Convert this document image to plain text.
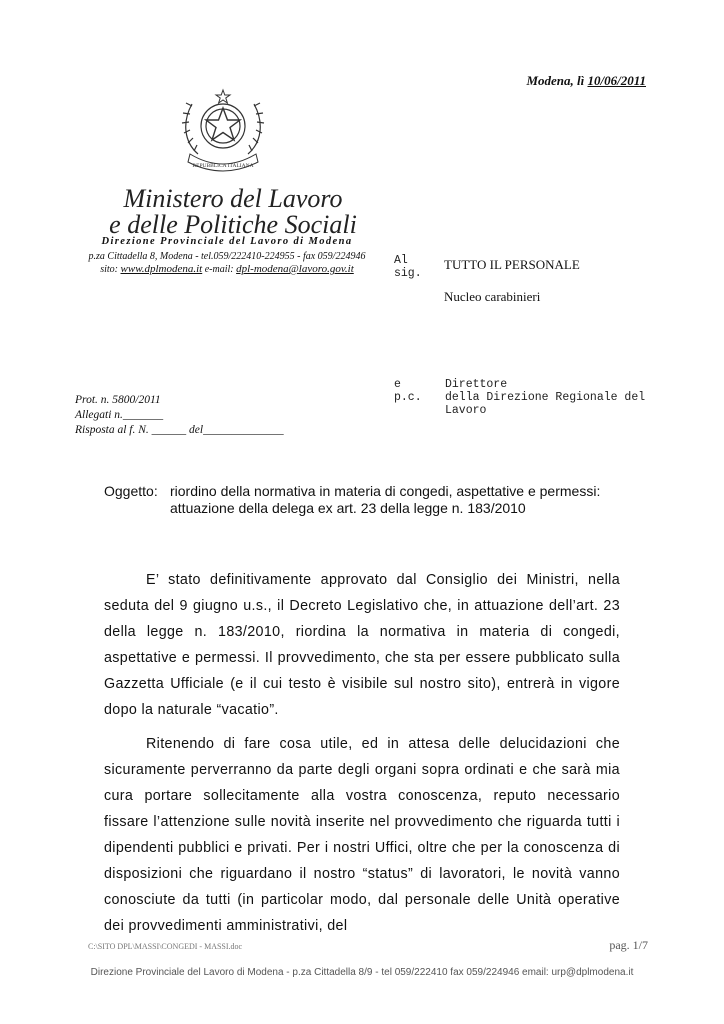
Modena, lì 10/06/2011
REPUBBLICA ITALIANA
Ministero del Lavoro
e delle Politiche Sociali
Direzione Provinciale del Lavoro di Modena
p.za Cittadella 8, Modena - tel.059/222410-224955 - fax 059/224946
sito: www.dplmodena.it e-mail: dpl-modena@lavoro.gov.it
Prot. n. 5800/2011
Allegati n._______
Risposta al f. N. ______ del______________
Al
sig.
TUTTO IL PERSONALE
Nucleo carabinieri
e
p.c.
Direttore
della Direzione Regionale del
Lavoro
Oggetto: riordino della normativa in materia di congedi, aspettative e permessi: attuazione della delega ex art. 23 della legge n. 183/2010

E’ stato definitivamente approvato dal Consiglio dei Ministri, nella seduta del 9 giugno u.s., il Decreto Legislativo che, in attuazione dell’art. 23 della legge n. 183/2010, riordina la normativa in materia di congedi, aspettative e permessi. Il provvedimento, che sta per essere pubblicato sulla Gazzetta Ufficiale (e il cui testo è visibile sul nostro sito), entrerà in vigore dopo la naturale “vacatio”.

Ritenendo di fare cosa utile, ed in attesa delle delucidazioni che sicuramente perverranno da parte degli organi sopra ordinati e che sarà mia cura portare sollecitamente alla vostra conoscenza, reputo necessario fissare l’attenzione sulle novità inserite nel provvedimento che riguarda tutti i dipendenti pubblici e privati. Per i nostri Uffici, oltre che per la conoscenza di disposizioni che riguardano il nostro “status” di lavoratori, le novità vanno conosciute da tutti (in particolar modo, dal personale delle Unità operative dei provvedimenti amministrativi, del

C:\SITO DPL\MASSI\CONGEDI - MASSI.doc	pag. 1/7
Direzione Provinciale del Lavoro di Modena - p.za Cittadella 8/9 - tel 059/222410 fax 059/224946 email: urp@dplmodena.it
